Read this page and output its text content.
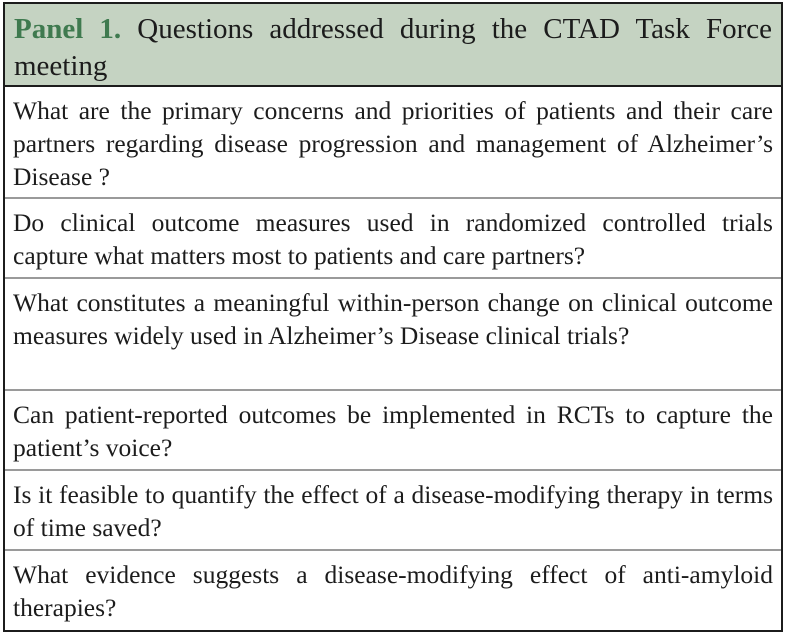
Panel 1. Questions addressed during the CTAD Task Force meeting
What are the primary concerns and priorities of patients and their care partners regarding disease progression and management of Alzheimer’s Disease ?
Do clinical outcome measures used in randomized controlled trials capture what matters most to patients and care partners?
What constitutes a meaningful within-person change on clinical outcome measures widely used in Alzheimer’s Disease clinical trials?
Can patient-reported outcomes be implemented in RCTs to capture the patient’s voice?
Is it feasible to quantify the effect of a disease-modifying therapy in terms of time saved?
What evidence suggests a disease-modifying effect of anti-amyloid therapies?
